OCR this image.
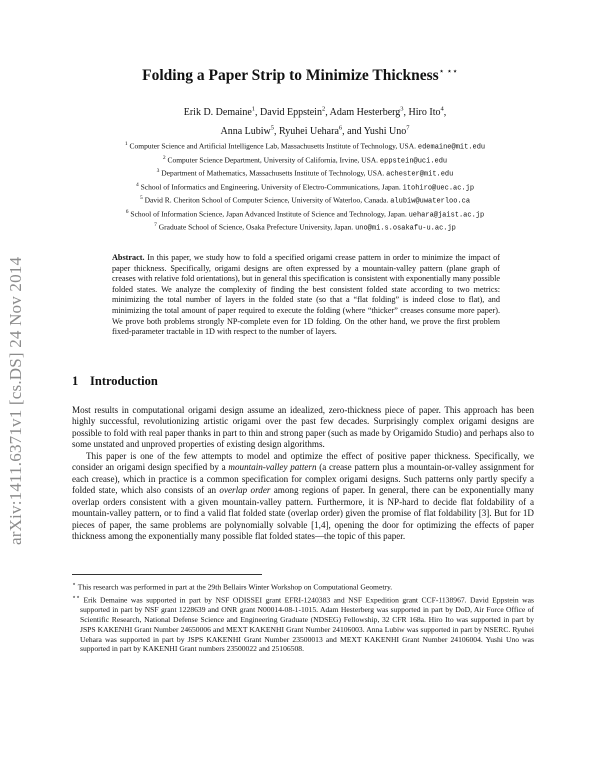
arXiv:1411.6371v1 [cs.DS] 24 Nov 2014
Folding a Paper Strip to Minimize Thickness⋆ ⋆⋆
Erik D. Demaine$^1$, David Eppstein$^2$, Adam Hesterberg$^3$, Hiro Ito$^4$,
Anna Lubiw$^5$, Ryuhei Uehara$^6$, and Yushi Uno$^7$
$^1$ Computer Science and Artificial Intelligence Lab, Massachusetts Institute of Technology, USA. edemaine@mit.edu
$^2$ Computer Science Department, University of California, Irvine, USA. eppstein@uci.edu
$^3$ Department of Mathematics, Massachusetts Institute of Technology, USA. achester@mit.edu
$^4$ School of Informatics and Engineering, University of Electro-Communications, Japan. itohiro@uec.ac.jp
$^5$ David R. Cheriton School of Computer Science, University of Waterloo, Canada. alubiw@uwaterloo.ca
$^6$ School of Information Science, Japan Advanced Institute of Science and Technology, Japan. uehara@jaist.ac.jp
$^7$ Graduate School of Science, Osaka Prefecture University, Japan. uno@mi.s.osakafu-u.ac.jp
Abstract. In this paper, we study how to fold a specified origami crease pattern in order to minimize the impact of paper thickness. Specifically, origami designs are often expressed by a mountain-valley pattern (plane graph of creases with relative fold orientations), but in general this specification is consistent with exponentially many possible folded states. We analyze the complexity of finding the best consistent folded state according to two metrics: minimizing the total number of layers in the folded state (so that a “flat folding” is indeed close to flat), and minimizing the total amount of paper required to execute the folding (where “thicker” creases consume more paper). We prove both problems strongly NP-complete even for 1D folding. On the other hand, we prove the first problem fixed-parameter tractable in 1D with respect to the number of layers.
1 Introduction

Most results in computational origami design assume an idealized, zero-thickness piece of paper. This approach has been highly successful, revolutionizing artistic origami over the past few decades. Surprisingly complex origami designs are possible to fold with real paper thanks in part to thin and strong paper (such as made by Origamido Studio) and perhaps also to some unstated and unproved properties of existing design algorithms.

This paper is one of the few attempts to model and optimize the effect of positive paper thickness. Specifically, we consider an origami design specified by a mountain-valley pattern (a crease pattern plus a mountain-or-valley assignment for each crease), which in practice is a common specification for complex origami designs. Such patterns only partly specify a folded state, which also consists of an overlap order among regions of paper. In general, there can be exponentially many overlap orders consistent with a given mountain-valley pattern. Furthermore, it is NP-hard to decide flat foldability of a mountain-valley pattern, or to find a valid flat folded state (overlap order) given the promise of flat foldability [3]. But for 1D pieces of paper, the same problems are polynomially solvable [1,4], opening the door for optimizing the effects of paper thickness among the exponentially many possible flat folded states—the topic of this paper.

⋆ This research was performed in part at the 29th Bellairs Winter Workshop on Computational Geometry.
⋆⋆ Erik Demaine was supported in part by NSF ODISSEI grant EFRI-1240383 and NSF Expedition grant CCF-1138967. David Eppstein was supported in part by NSF grant 1228639 and ONR grant N00014-08-1-1015. Adam Hesterberg was supported in part by DoD, Air Force Office of Scientific Research, National Defense Science and Engineering Graduate (NDSEG) Fellowship, 32 CFR 168a. Hiro Ito was supported in part by JSPS KAKENHI Grant Number 24650006 and MEXT KAKENHI Grant Number 24106003. Anna Lubiw was supported in part by NSERC. Ryuhei Uehara was supported in part by JSPS KAKENHI Grant Number 23500013 and MEXT KAKENHI Grant Number 24106004. Yushi Uno was supported in part by KAKENHI Grant numbers 23500022 and 25106508.
